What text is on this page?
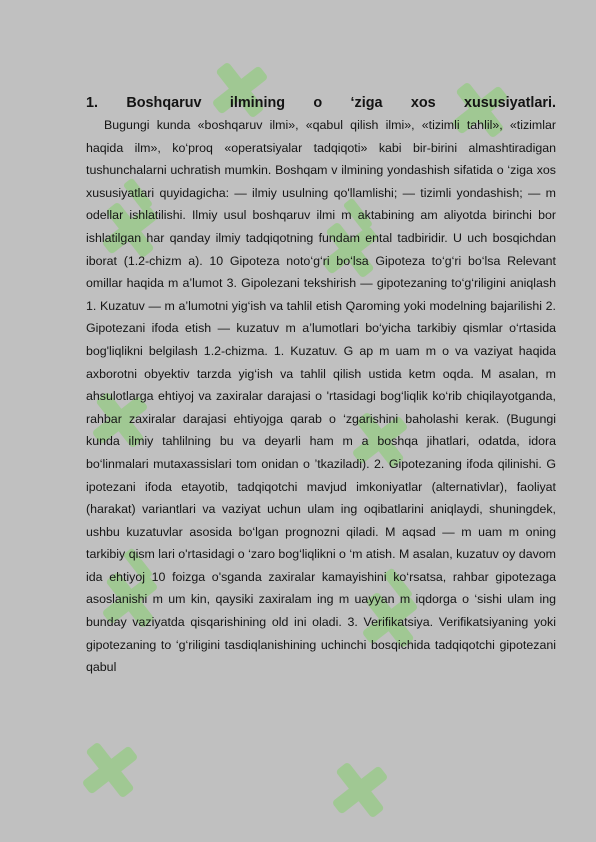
1. Boshqaruv ilmining o ‘ziga xos xususiyatlari.

Bugungi kunda «boshqaruv ilmi», «qabul qilish ilmi», «tizimli tahlil», «tizimlar haqida ilm», ko‘proq «operatsiyalar tadqiqoti» kabi bir-birini almashtiradigan tushunchalarni uchratish mumkin. Boshqam v ilmining yondashish sifatida o ‘ziga xos xususiyatlari quyidagicha: — ilmiy usulning qo'llamlishi; — tizimli yondashish; — m odellar ishlatilishi. Ilmiy usul boshqaruv ilmi m aktabining am aliyotda birinchi bor ishlatilgan har qanday ilmiy tadqiqotning fundam ental tadbiridir. U uch bosqichdan iborat (1.2-chizm a). 10 Gipoteza noto‘g‘ri bo‘lsa Gipoteza to‘g‘ri bo‘lsa Relevant omillar haqida m a’lumot 3. Gipolezani tekshirish — gipotezaning to‘g‘riligini aniqlash 1. Kuzatuv — m a’lumotni yig‘ish va tahlil etish Qaroming yoki modelning bajarilishi 2. Gipotezani ifoda etish — kuzatuv m a’lumotlari bo‘yicha tarkibiy qismlar o‘rtasida bog'liqlikni belgilash 1.2-chizma. 1. Kuzatuv. G ap m uam m o va vaziyat haqida axborotni obyektiv tarzda yig‘ish va tahlil qilish ustida ketm oqda. M asalan, m ahsulotlarga ehtiyoj va zaxiralar darajasi o 'rtasidagi bog‘liqlik ko‘rib chiqilayotganda, rahbar zaxiralar darajasi ehtiyojga qarab o ‘zgarishini baholashi kerak. (Bugungi kunda ilmiy tahlilning bu va deyarli ham m a boshqa jihatlari, odatda, idora bo‘linmalari mutaxassislari tom onidan o ’tkaziladi). 2. Gipotezaning ifoda qilinishi. G ipotezani ifoda etayotib, tadqiqotchi mavjud imkoniyatlar (alternativlar), faoliyat (harakat) variantlari va vaziyat uchun ulam ing oqibatlarini aniqlaydi, shuningdek, ushbu kuzatuvlar asosida bo‘lgan prognozni qiladi. M aqsad — m uam m oning tarkibiy qism lari o'rtasidagi o ‘zaro bog‘liqlikni o ‘m atish. M asalan, kuzatuv oy davom ida ehtiyoj 10 foizga o'sganda zaxiralar kamayishini ko‘rsatsa, rahbar gipotezaga asoslanishi m um kin, qaysiki zaxiralam ing m uayyan m iqdorga o ‘sishi ulam ing bunday vaziyatda qisqarishining old ini oladi. 3. Verifikatsiya. Verifikatsiyaning yoki gipotezaning to ‘g‘riligini tasdiqlanishining uchinchi bosqichida tadqiqotchi gipotezani qabul
